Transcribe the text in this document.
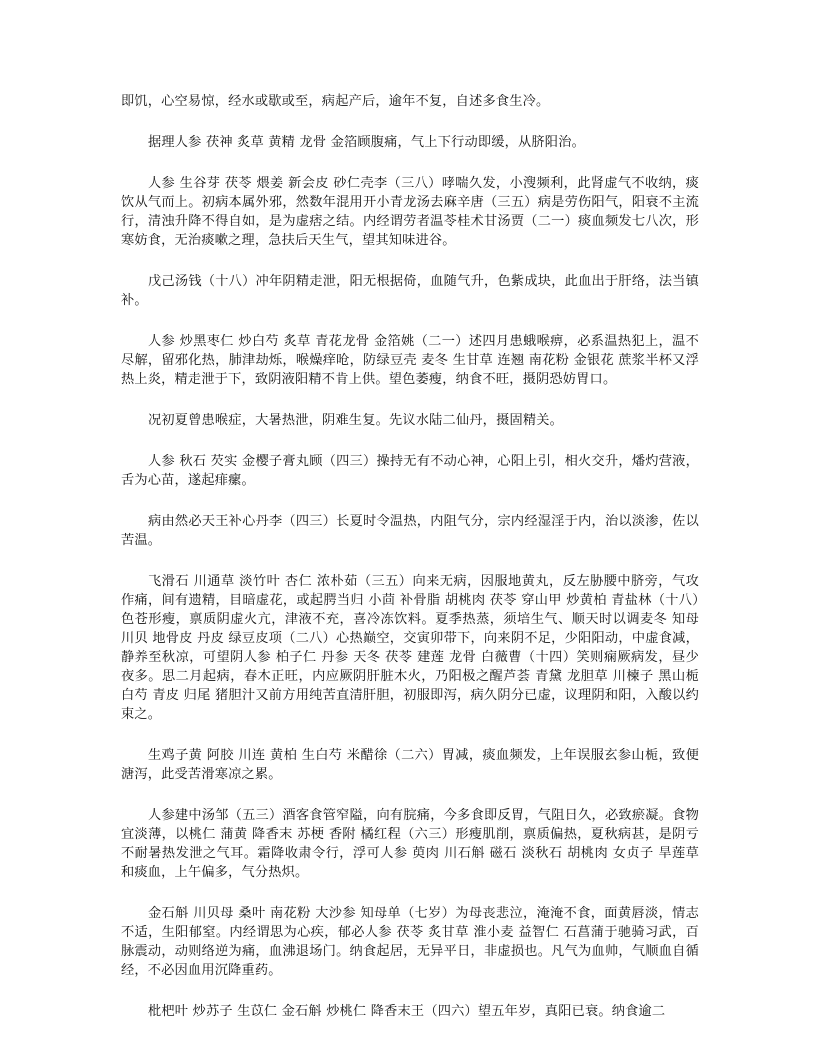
即饥，心空易惊，经水或歇或至，病起产后，逾年不复，自述多食生冷。

据理人参 茯神 炙草 黄精 龙骨 金箔顾腹痛，气上下行动即缓，从脐阳治。

人参 生谷芽 茯苓 煨姜 新会皮 砂仁壳李（三八）哮喘久发，小溲频利，此肾虚气不收纳，痰饮从气而上。初病本属外邪，然数年混用开小青龙汤去麻辛唐（三五）病是劳伤阳气，阳衰不主流行，清浊升降不得自如，是为虚痞之结。内经谓劳者温苓桂术甘汤贾（二一）痰血频发七八次，形寒妨食，无治痰嗽之理，急扶后天生气，望其知味进谷。

戊己汤钱（十八）冲年阴精走泄，阳无根据倚，血随气升，色紫成块，此血出于肝络，法当镇补。

人参 炒黑枣仁 炒白芍 炙草 青花龙骨 金箔姚（二一）述四月患蛾喉痹，必系温热犯上，温不尽解，留邪化热，肺津劫烁，喉燥痒呛，防绿豆壳 麦冬 生甘草 连翘 南花粉 金银花 蔗浆半杯又浮热上炎，精走泄于下，致阴液阳精不肯上供。望色萎瘦，纳食不旺，摄阴恐妨胃口。

况初夏曾患喉症，大暑热泄，阴难生复。先议水陆二仙丹，摄固精关。

人参 秋石 芡实 金樱子膏丸顾（四三）操持无有不动心神，心阳上引，相火交升，燔灼营液，舌为心苗，遂起痱瘰。

病由然必天王补心丹李（四三）长夏时令温热，内阻气分，宗内经湿淫于内，治以淡渗，佐以苦温。

飞滑石 川通草 淡竹叶 杏仁 浓朴茹（三五）向来无病，因服地黄丸，反左胁腰中脐旁，气攻作痛，间有遗精，目暗虚花，或起腭当归 小茴 补骨脂 胡桃肉 茯苓 穿山甲 炒黄柏 青盐林（十八）色苍形瘦，禀质阴虚火亢，津液不充，喜冷冻饮料。夏季热蒸，须培生气、顺天时以调麦冬 知母 川贝 地骨皮 丹皮 绿豆皮项（二八）心热巅空，交寅卯带下，向来阴不足，少阳阳动，中虚食减，静养至秋凉，可望阴人参 柏子仁 丹参 天冬 茯苓 建莲 龙骨 白薇曹（十四）笑则痫厥病发，昼少夜多。思二月起病，春木正旺，内应厥阴肝脏木火，乃阳极之醒芦荟 青黛 龙胆草 川楝子 黑山栀 白芍 青皮 归尾 猪胆汁又前方用纯苦直清肝胆，初服即泻，病久阴分已虚，议理阴和阳，入酸以约束之。

生鸡子黄 阿胶 川连 黄柏 生白芍 米醋徐（二六）胃减，痰血频发，上年误服玄参山栀，致便溏泻，此受苦滑寒凉之累。

人参建中汤邹（五三）酒客食管窄隘，向有脘痛，今多食即反胃，气阻日久，必致瘀凝。食物宜淡薄，以桃仁 蒲黄 降香末 苏梗 香附 橘红程（六三）形瘦肌削，禀质偏热，夏秋病甚，是阴亏不耐暑热发泄之气耳。霜降收肃令行，浮可人参 萸肉 川石斛 磁石 淡秋石 胡桃肉 女贞子 旱莲草和痰血，上午偏多，气分热炽。

金石斛 川贝母 桑叶 南花粉 大沙参 知母单（七岁）为母丧悲泣，淹淹不食，面黄唇淡，情志不适，生阳郁窒。内经谓思为心疾，郁必人参 茯苓 炙甘草 淮小麦 益智仁 石菖蒲于驰骑习武，百脉震动，动则络逆为痛，血沸退场门。纳食起居，无异平日，非虚损也。凡气为血帅，气顺血自循经，不必因血用沉降重药。

枇杷叶 炒苏子 生苡仁 金石斛 炒桃仁 降香末王（四六）望五年岁，真阳已衰。纳食逾二
